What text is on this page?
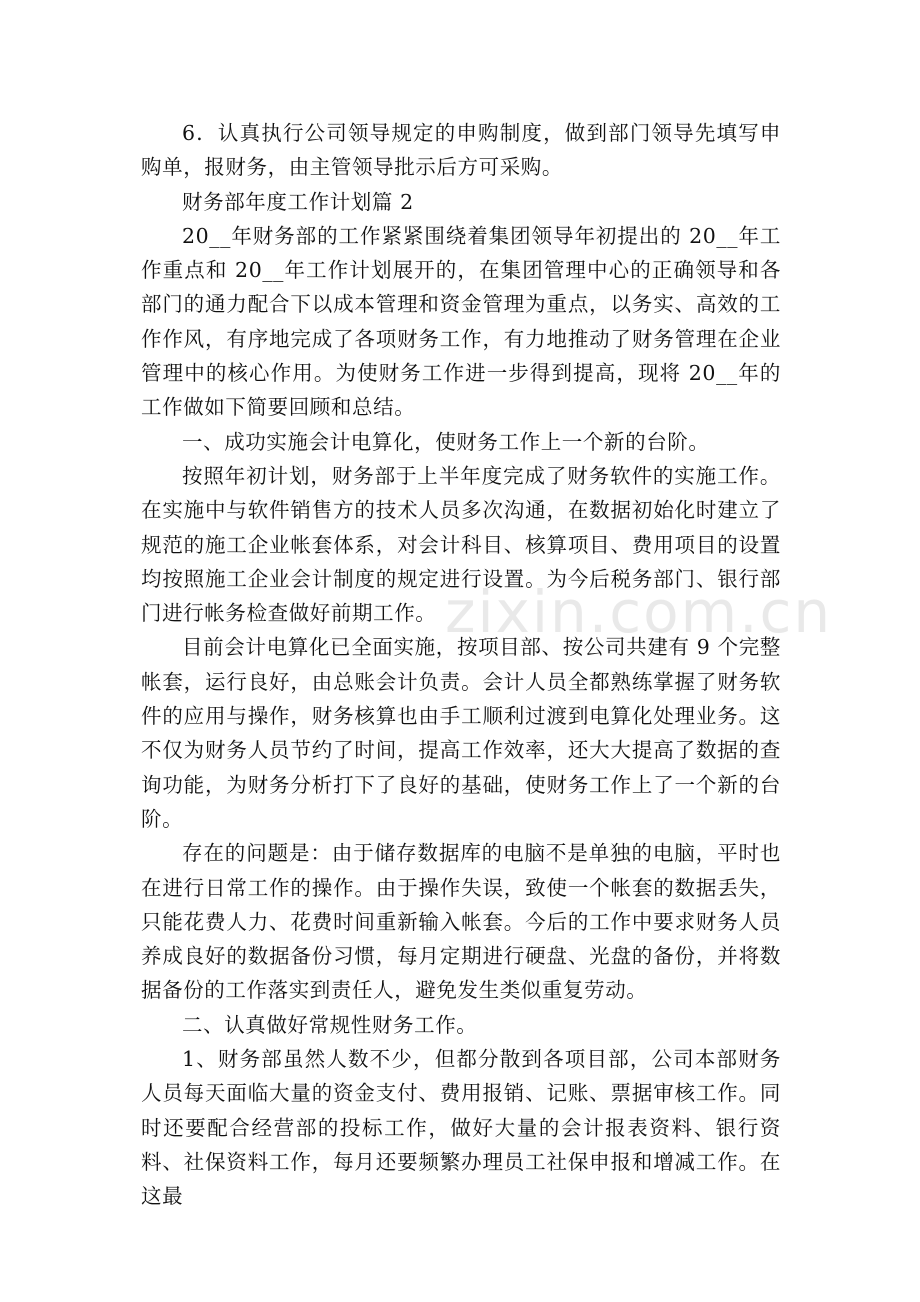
zixin.com.cn

6．认真执行公司领导规定的申购制度，做到部门领导先填写申购单，报财务，由主管领导批示后方可采购。

财务部年度工作计划篇 2

20__年财务部的工作紧紧围绕着集团领导年初提出的 20__年工作重点和 20__年工作计划展开的，在集团管理中心的正确领导和各部门的通力配合下以成本管理和资金管理为重点，以务实、高效的工作作风，有序地完成了各项财务工作，有力地推动了财务管理在企业管理中的核心作用。为使财务工作进一步得到提高，现将 20__年的工作做如下简要回顾和总结。

一、成功实施会计电算化，使财务工作上一个新的台阶。

按照年初计划，财务部于上半年度完成了财务软件的实施工作。在实施中与软件销售方的技术人员多次沟通，在数据初始化时建立了规范的施工企业帐套体系，对会计科目、核算项目、费用项目的设置均按照施工企业会计制度的规定进行设置。为今后税务部门、银行部门进行帐务检查做好前期工作。

目前会计电算化已全面实施，按项目部、按公司共建有 9 个完整帐套，运行良好，由总账会计负责。会计人员全都熟练掌握了财务软件的应用与操作，财务核算也由手工顺利过渡到电算化处理业务。这不仅为财务人员节约了时间，提高工作效率，还大大提高了数据的查询功能，为财务分析打下了良好的基础，使财务工作上了一个新的台阶。

存在的问题是：由于储存数据库的电脑不是单独的电脑，平时也在进行日常工作的操作。由于操作失误，致使一个帐套的数据丢失，只能花费人力、花费时间重新输入帐套。今后的工作中要求财务人员养成良好的数据备份习惯，每月定期进行硬盘、光盘的备份，并将数据备份的工作落实到责任人，避免发生类似重复劳动。

二、认真做好常规性财务工作。

1、财务部虽然人数不少，但都分散到各项目部，公司本部财务人员每天面临大量的资金支付、费用报销、记账、票据审核工作。同时还要配合经营部的投标工作，做好大量的会计报表资料、银行资料、社保资料工作，每月还要频繁办理员工社保申报和增减工作。在这最
